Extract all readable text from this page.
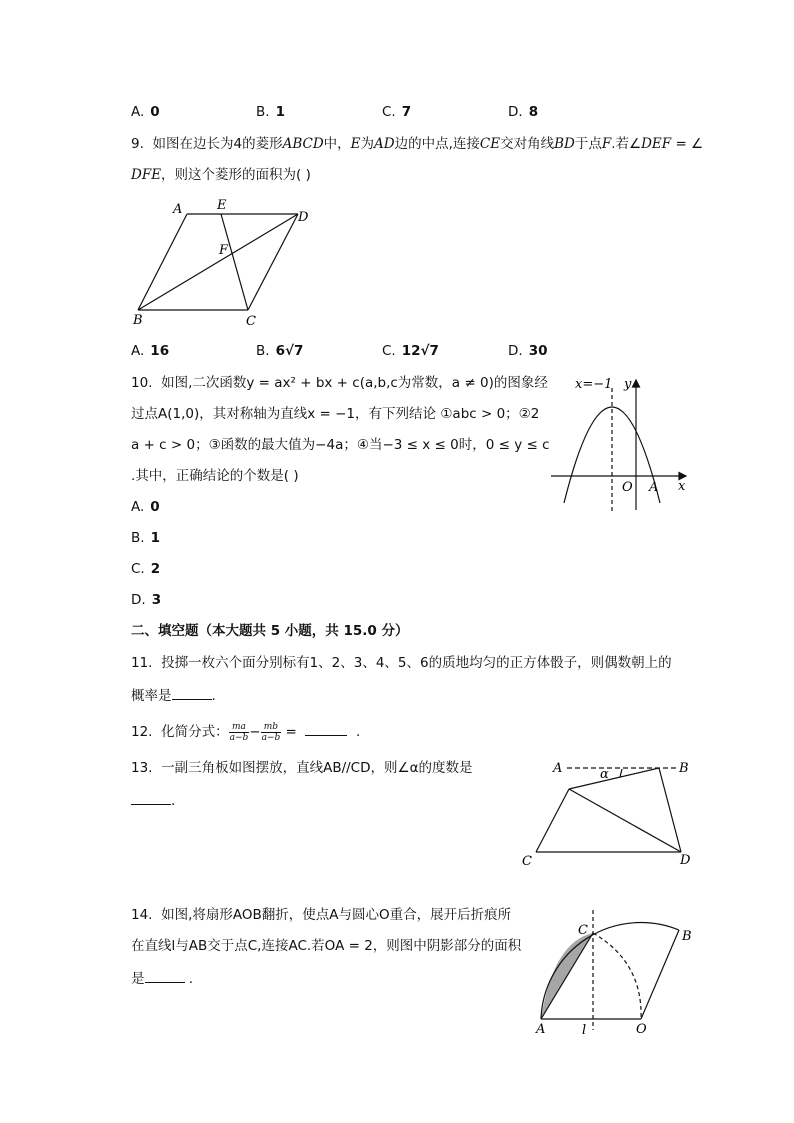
A. 0	B. 1	C. 7	D. 8
9. 如图在边长为4的菱形ABCD中，E为AD边的中点,连接CE交对角线BD于点F.若∠DEF = ∠
DFE，则这个菱形的面积为( )
A	E
D
F
B	C
A. 16	B. 6√7	C. 12√7	D. 30
10. 如图,二次函数y = ax² + bx + c(a,b,c为常数，a ≠ 0)的图象经
过点A(1,0)，其对称轴为直线x = −1，有下列结论 ①abc > 0；②2
a + c > 0；③函数的最大值为−4a；④当−3 ≤ x ≤ 0时，0 ≤ y ≤ c
.其中，正确结论的个数是( )
x=−1 y
x
O A
A. 0
B. 1
C. 2
D. 3
二、填空题（本大题共 5 小题，共 15.0 分）
11. 投掷一枚六个面分别标有1、2、3、4、5、6的质地均匀的正方体骰子，则偶数朝上的
概率是	.
12. 化简分式： $\frac{ma}{a-b} - \frac{mb}{a-b}$ =	.
13. 一副三角板如图摆放，直线AB//CD，则∠α的度数是
.
A	B
C	D
α
14. 如图,将扇形AOB翻折，使点A与圆心O重合，展开后折痕所
在直线l与AB交于点C,连接AC.若OA = 2，则图中阴影部分的面积
是	.
C	B
A	l	O
